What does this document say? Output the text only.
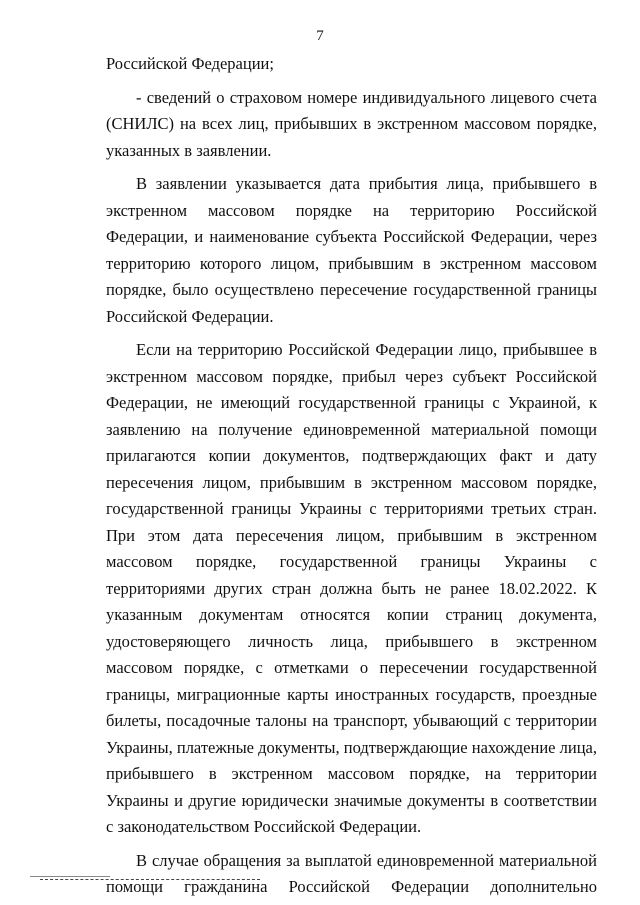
7

Российской Федерации;

- сведений о страховом номере индивидуального лицевого счета (СНИЛС) на всех лиц, прибывших в экстренном массовом порядке, указанных в заявлении.

В заявлении указывается дата прибытия лица, прибывшего в экстренном массовом порядке на территорию Российской Федерации, и наименование субъекта Российской Федерации, через территорию которого лицом, прибывшим в экстренном массовом порядке, было осуществлено пересечение государственной границы Российской Федерации.

Если на территорию Российской Федерации лицо, прибывшее в экстренном массовом порядке, прибыл через субъект Российской Федерации, не имеющий государственной границы с Украиной, к заявлению на получение единовременной материальной помощи прилагаются копии документов, подтверждающих факт и дату пересечения лицом, прибывшим в экстренном массовом порядке, государственной границы Украины с территориями третьих стран. При этом дата пересечения лицом, прибывшим в экстренном массовом порядке, государственной границы Украины с территориями других стран должна быть не ранее 18.02.2022. К указанным документам относятся копии страниц документа, удостоверяющего личность лица, прибывшего в экстренном массовом порядке, с отметками о пересечении государственной границы, миграционные карты иностранных государств, проездные билеты, посадочные талоны на транспорт, убывающий с территории Украины, платежные документы, подтверждающие нахождение лица, прибывшего в экстренном массовом порядке, на территории Украины и другие юридически значимые документы в соответствии с законодательством Российской Федерации.

В случае обращения за выплатой единовременной материальной помощи гражданина Российской Федерации дополнительно
